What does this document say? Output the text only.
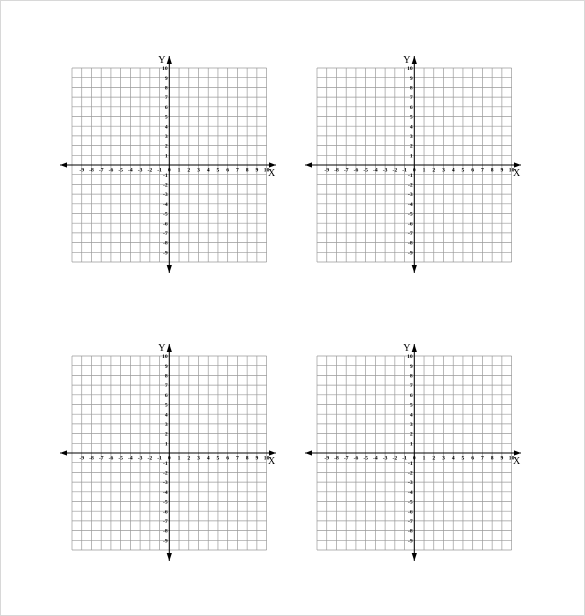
X
Y
-9 -8 -7 -6 -5 -4 -3 -2 -1 0 1 2 3 4 5 6 7 8 9 10
10
9
8
7
6
5
4
3
2
1
-1
-2
-3
-4
-5
-6
-7
-8
-9
X
Y
-9 -8 -7 -6 -5 -4 -3 -2 -1 0 1 2 3 4 5 6 7 8 9 10
10
9
8
7
6
5
4
3
2
1
-1
-2
-3
-4
-5
-6
-7
-8
-9
X
Y
-9 -8 -7 -6 -5 -4 -3 -2 -1 0 1 2 3 4 5 6 7 8 9 10
10
9
8
7
6
5
4
3
2
1
-1
-2
-3
-4
-5
-6
-7
-8
-9
X
Y
-9 -8 -7 -6 -5 -4 -3 -2 -1 0 1 2 3 4 5 6 7 8 9 10
10
9
8
7
6
5
4
3
2
1
-1
-2
-3
-4
-5
-6
-7
-8
-9
